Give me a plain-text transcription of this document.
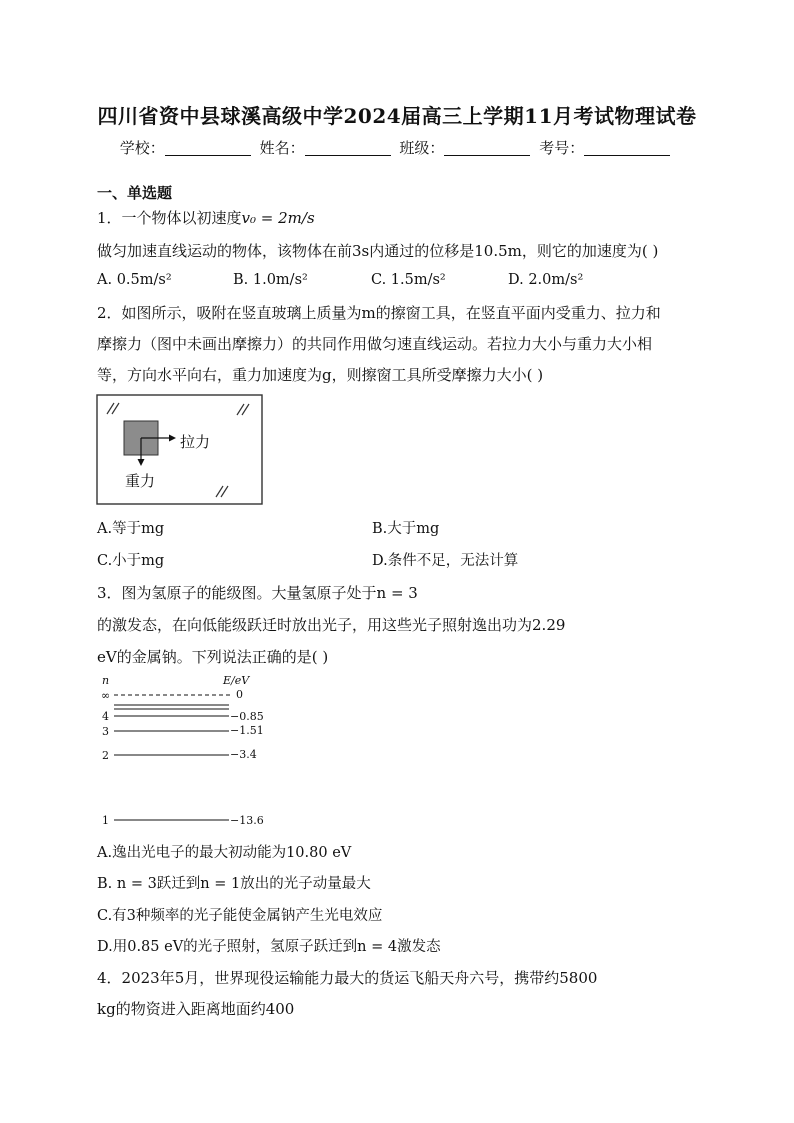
四川省资中县球溪高级中学2024届高三上学期11月考试物理试卷
学校：	姓名：	班级：	考号：
一、单选题
1．一个物体以初速度v₀ = 2m/s
做匀加速直线运动的物体，该物体在前3s内通过的位移是10.5m，则它的加速度为( )
A. 0.5m/s²	B. 1.0m/s²	C. 1.5m/s²	D. 2.0m/s²
2．如图所示，吸附在竖直玻璃上质量为m的擦窗工具，在竖直平面内受重力、拉力和
摩擦力（图中未画出摩擦力）的共同作用做匀速直线运动。若拉力大小与重力大小相
等，方向水平向右，重力加速度为g，则擦窗工具所受摩擦力大小( )
拉力
重力
A.等于mg	B.大于mg
C.小于mg	D.条件不足，无法计算
3．图为氢原子的能级图。大量氢原子处于n = 3
的激发态，在向低能级跃迁时放出光子，用这些光子照射逸出功为2.29
eV的金属钠。下列说法正确的是( )
n	E/eV
∞	0
4	−0.85
3	−1.51
2	−3.4
1	−13.6
A.逸出光电子的最大初动能为10.80 eV
B. n = 3跃迁到n = 1放出的光子动量最大
C.有3种频率的光子能使金属钠产生光电效应
D.用0.85 eV的光子照射，氢原子跃迁到n = 4激发态
4．2023年5月，世界现役运输能力最大的货运飞船天舟六号，携带约5800
kg的物资进入距离地面约400
